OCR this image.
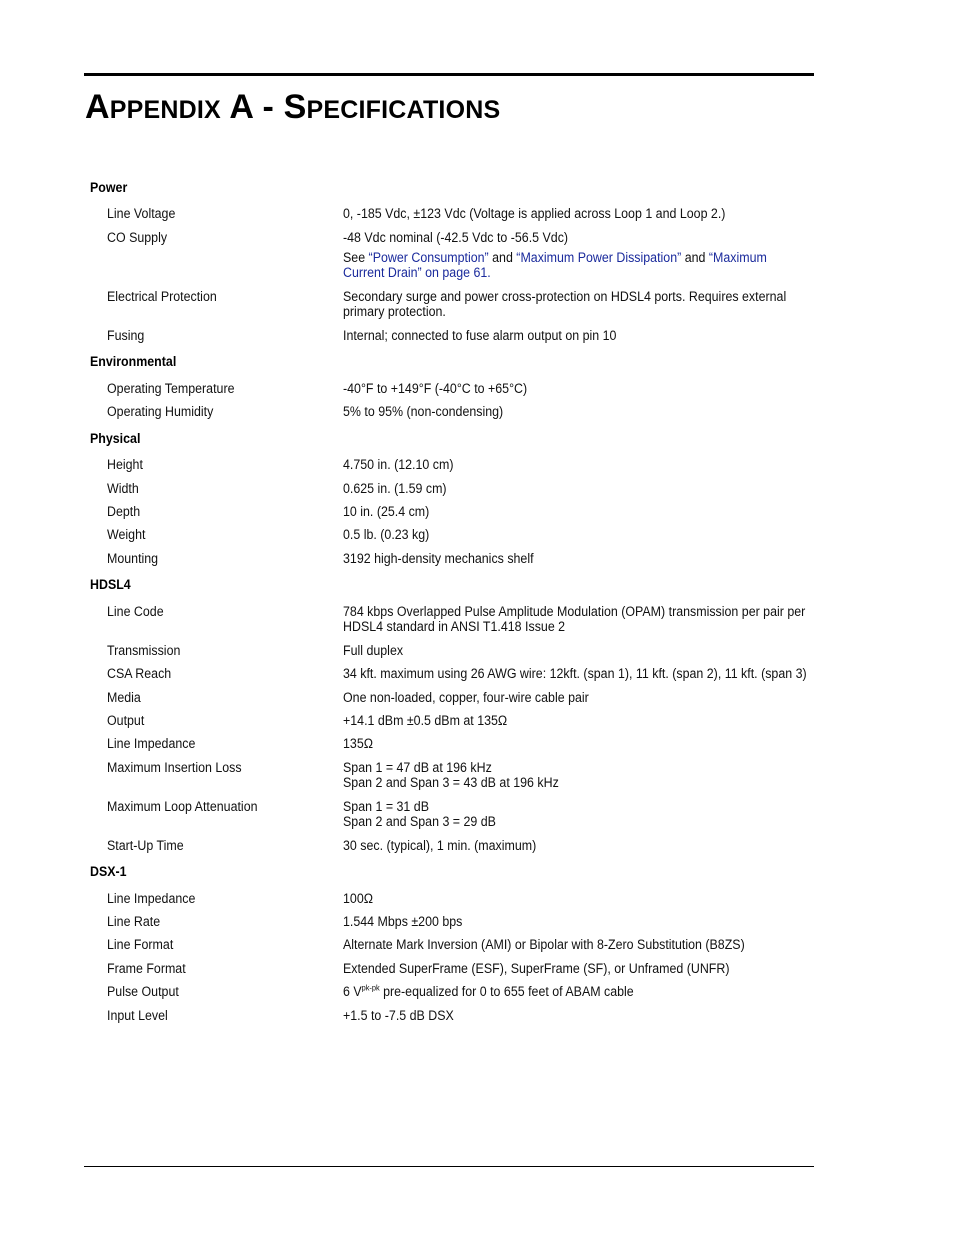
APPENDIX A - SPECIFICATIONS
Power
Line Voltage	0, -185 Vdc, ±123 Vdc (Voltage is applied across Loop 1 and Loop 2.)
CO Supply	-48 Vdc nominal (-42.5 Vdc to -56.5 Vdc)
See “Power Consumption” and “Maximum Power Dissipation” and “Maximum
Current Drain” on page 61.
Electrical Protection	Secondary surge and power cross-protection on HDSL4 ports. Requires external
primary protection.
Fusing	Internal; connected to fuse alarm output on pin 10
Environmental
Operating Temperature	-40°F to +149°F (-40°C to +65°C)
Operating Humidity	5% to 95% (non-condensing)
Physical
Height	4.750 in. (12.10 cm)
Width	0.625 in. (1.59 cm)
Depth	10 in. (25.4 cm)
Weight	0.5 lb. (0.23 kg)
Mounting	3192 high-density mechanics shelf
HDSL4
Line Code	784 kbps Overlapped Pulse Amplitude Modulation (OPAM) transmission per pair per
HDSL4 standard in ANSI T1.418 Issue 2
Transmission	Full duplex
CSA Reach	34 kft. maximum using 26 AWG wire: 12kft. (span 1), 11 kft. (span 2), 11 kft. (span 3)
Media	One non-loaded, copper, four-wire cable pair
Output	+14.1 dBm ±0.5 dBm at 135Ω
Line Impedance	135Ω
Maximum Insertion Loss	Span 1 = 47 dB at 196 kHz
Span 2 and Span 3 = 43 dB at 196 kHz
Maximum Loop Attenuation	Span 1 = 31 dB
Span 2 and Span 3 = 29 dB
Start-Up Time	30 sec. (typical), 1 min. (maximum)
DSX-1
Line Impedance	100Ω
Line Rate	1.544 Mbps ±200 bps
Line Format	Alternate Mark Inversion (AMI) or Bipolar with 8-Zero Substitution (B8ZS)
Frame Format	Extended SuperFrame (ESF), SuperFrame (SF), or Unframed (UNFR)
Pulse Output	6 $V^{pk-pk}$ pre-equalized for 0 to 655 feet of ABAM cable
Input Level	+1.5 to -7.5 dB DSX
